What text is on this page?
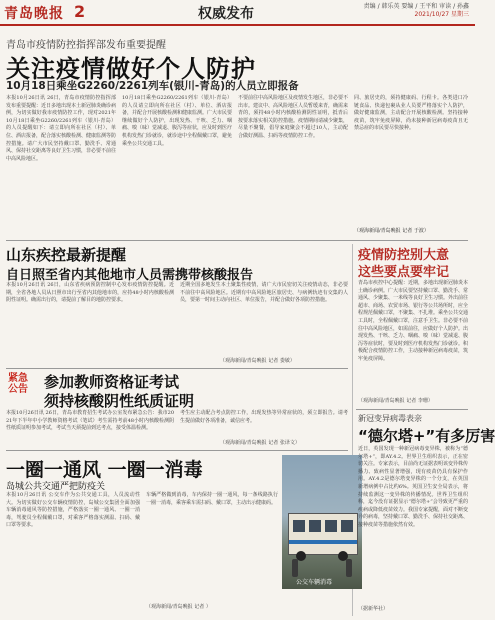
青岛晚报 2	权威发布	责编 / 韩乐英 要编 / 王平和 审读 / 孙鑫
2021/10/27 星期三
青岛市疫情防控指挥部发布重要提醒
关注疫情做好个人防护
10月18日乘坐G2260/2261列车(银川-青岛)的人员立即报备
本报10月26日讯 26日，青岛市疫情防控指挥部发布重要提醒：近日多地出现本土新冠肺炎确诊病例，为切实做好我市疫情防控工作，现对2021年10月18日乘坐G2260/2261列车（银川-青岛）的人员提醒如下：请立即向所在社区（村）、单位、酒店报备，配合落实核酸检测、健康监测等防控措施。请广大市民坚持戴口罩、勤洗手、常通风、保持社交距离等良好卫生习惯，非必要不前往中高风险地区。
10月18日乘坐G2260/2261列车（银川-青岛）的人员请立即向所在社区（村）、单位、酒店报备，并配合开展核酸检测和健康监测。广大市民要继续做好个人防护，出现发热、干咳、乏力、咽痛、嗅（味）觉减退、腹泻等症状，应及时到医疗机构发热门诊就诊，就诊途中全程佩戴口罩，避免乘坐公共交通工具。
不要前往中高风险地区及疫情发生地区，非必要不出市。建议中、高风险地区人员暂缓来青，确需来青的，须持48小时内核酸检测阴性证明，抵青后按要求落实相关防控措施。疫情期间请减少聚集，尽量不聚餐，倡导家庭聚会不超过10人，主动配合做好测温、扫码等疫情防控工作。
同、旅居史的，须持健康码、行程卡。各类进口冷链食品、快递包裹从业人员要严格落实个人防护，做好健康监测，主动配合开展核酸检测。坚持接种疫苗，筑牢免疫屏障，尚未接种新冠病毒疫苗且无禁忌症的市民要尽快接种。
（观海新闻/青岛晚报 记者 于波）
山东疾控最新提醒
自日照至省内其他地市人员需携带核酸报告
本报10月26日讯 26日，山东省疾病预防控制中心发布疫情防控提醒。近期，全省各地人员从日照市出行至省内其他地市的，应持48小时内核酸检测阴性证明。确需出行的，请提前了解目的地防控要求。
近期全国多地发生本土聚集性疫情，请广大市民密切关注疫情动态，非必要不前往中高风险地区。近期有中高风险地区旅居史、与病例轨迹有交集的人员，要第一时间主动向社区、单位报告，并配合做好各项防控措施。
（观海新闻/青岛晚报 记者 娄敏）
紧急
公告 参加教师资格证考试
须持核酸阴性纸质证明
本报10月26日讯 26日，青岛市教育招生考试办公室发布紧急公告：我市2021年下半年中小学教师资格考试（笔试）考生需持考前48小时内核酸检测阴性纸质证明参加考试，考试当天须提前到达考点，接受体温检测。
考生应主动配合考点防控工作，出现发热等异常症状的，须立即报告。请考生提前做好各项准备，诚信应考。
（观海新闻/青岛晚报 记者 张译文）
一圈一通风 一圈一消毒
岛城公共交通严把防疫关
本报10月26日讯 公交车作为公共交通工具，人员流动性大。为切实做好公交车辆疫情防控，岛城公交集团全面加强车辆消毒通风等防控措施，严格落实一圈一通风、一圈一消毒，驾驶员全程佩戴口罩，对乘客严格落实测温、扫码、戴口罩等要求。
车辆严格做到消毒，车内保持一圈一通风，每一条线路执行一圈一消毒，乘客乘车需扫码、戴口罩，主动出示健康码。
（观海新闻/青岛晚报 记者 ）
公交车辆消毒
疫情防控别大意
这些要点要牢记
青岛市疾控中心提醒：近期，多地出现新冠肺炎本土确诊病例。广大市民要坚持戴口罩、勤洗手、常通风、少聚集、一米线等良好卫生习惯。外出前往超市、商场、农贸市场、银行等公共场所时，应全程规范佩戴口罩，不聚集、不扎堆。乘坐公共交通工具时，全程佩戴口罩，注意手卫生。非必要不前往中高风险地区，如需前往，应做好个人防护。出现发热、干咳、乏力、咽痛、嗅（味）觉减退、腹泻等症状时，要及时到医疗机构发热门诊就诊。积极配合疫情防控工作，主动接种新冠病毒疫苗，筑牢免疫屏障。
（观海新闻/青岛晚报 记者 李珊）
新冠变异病毒表亲
“德尔塔+”有多厉害
近日，英国发现一种新冠病毒变异株，被称为“德尔塔+”，即AY.4.2。世界卫生组织表示，正在密切关注。专家表示，目前尚无证据表明该变异株传播力、致病性显著增强，现有疫苗仍具有保护作用。AY.4.2是德尔塔变异株的一个分支，在英国新增病例中占比约6%。英国卫生安全局表示，将持续监测这一变异株的传播情况。世界卫生组织称，迄今没有证据显示“德尔塔+”会导致更严重的疾病或降低疫苗效力。我国专家提醒，面对不断变异的病毒，坚持戴口罩、勤洗手、保持社交距离、接种疫苗等措施依然有效。
（据新华社）
